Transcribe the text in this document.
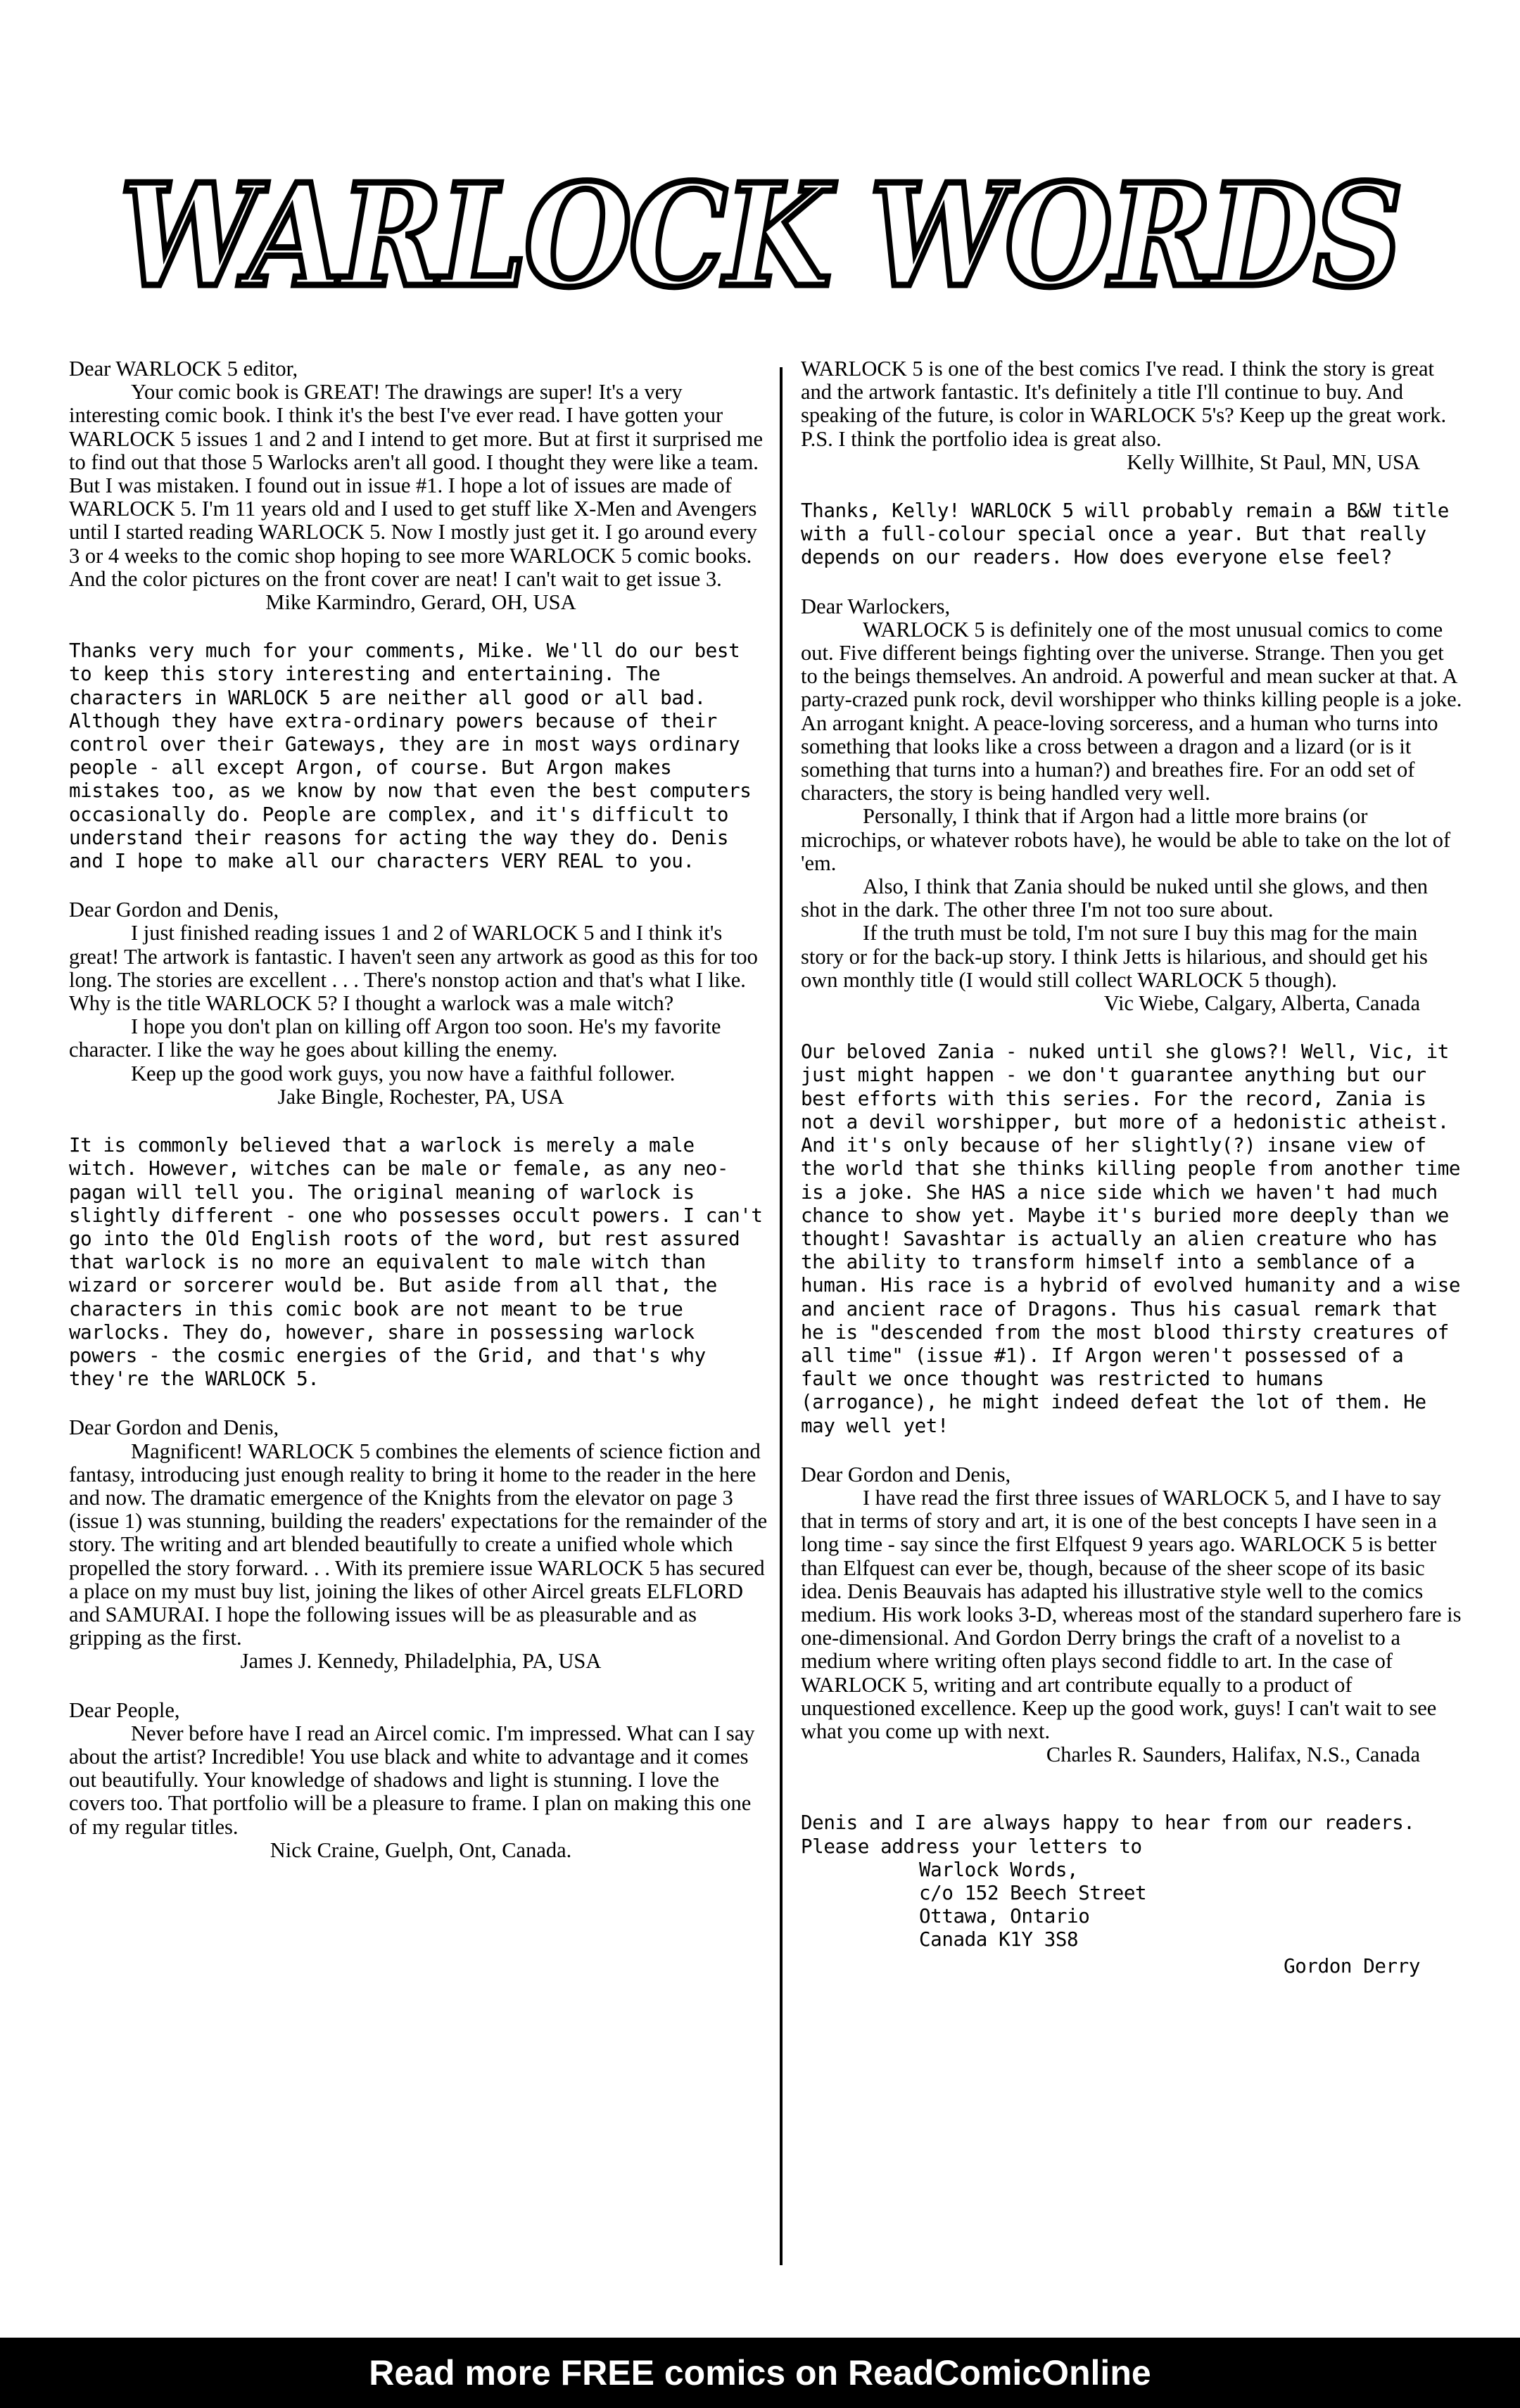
WARLOCK WORDS

Dear WARLOCK 5 editor,

Your comic book is GREAT! The drawings are super! It's a very interesting comic book. I think it's the best I've ever read. I have gotten your WARLOCK 5 issues 1 and 2 and I intend to get more. But at first it surprised me to find out that those 5 Warlocks aren't all good. I thought they were like a team. But I was mistaken. I found out in issue #1. I hope a lot of issues are made of WARLOCK 5. I'm 11 years old and I used to get stuff like X-Men and Avengers until I started reading WARLOCK 5. Now I mostly just get it. I go around every 3 or 4 weeks to the comic shop hoping to see more WARLOCK 5 comic books. And the color pictures on the front cover are neat! I can't wait to get issue 3.

Mike Karmindro, Gerard, OH, USA

Thanks very much for your comments, Mike. We'll do our best to keep this story interesting and entertaining. The characters in WARLOCK 5 are neither all good or all bad. Although they have extra-ordinary powers because of their control over their Gateways, they are in most ways ordinary people - all except Argon, of course. But Argon makes mistakes too, as we know by now that even the best computers occasionally do. People are complex, and it's difficult to understand their reasons for acting the way they do. Denis and I hope to make all our characters VERY REAL to you.

Dear Gordon and Denis,

I just finished reading issues 1 and 2 of WARLOCK 5 and I think it's great! The artwork is fantastic. I haven't seen any artwork as good as this for too long. The stories are excellent . . . There's nonstop action and that's what I like. Why is the title WARLOCK 5? I thought a warlock was a male witch?

I hope you don't plan on killing off Argon too soon. He's my favorite character. I like the way he goes about killing the enemy.

Keep up the good work guys, you now have a faithful follower.

Jake Bingle, Rochester, PA, USA

It is commonly believed that a warlock is merely a male witch. However, witches can be male or female, as any neo-pagan will tell you. The original meaning of warlock is slightly different - one who possesses occult powers. I can't go into the Old English roots of the word, but rest assured that warlock is no more an equivalent to male witch than wizard or sorcerer would be. But aside from all that, the characters in this comic book are not meant to be true warlocks. They do, however, share in possessing warlock powers - the cosmic energies of the Grid, and that's why they're the WARLOCK 5.

Dear Gordon and Denis,

Magnificent! WARLOCK 5 combines the elements of science fiction and fantasy, introducing just enough reality to bring it home to the reader in the here and now. The dramatic emergence of the Knights from the elevator on page 3 (issue 1) was stunning, building the readers' expectations for the remainder of the story. The writing and art blended beautifully to create a unified whole which propelled the story forward. . . With its premiere issue WARLOCK 5 has secured a place on my must buy list, joining the likes of other Aircel greats ELFLORD and SAMURAI. I hope the following issues will be as pleasurable and as gripping as the first.

James J. Kennedy, Philadelphia, PA, USA

Dear People,

Never before have I read an Aircel comic. I'm impressed. What can I say about the artist? Incredible! You use black and white to advantage and it comes out beautifully. Your knowledge of shadows and light is stunning. I love the covers too. That portfolio will be a pleasure to frame. I plan on making this one of my regular titles.

Nick Craine, Guelph, Ont, Canada.

WARLOCK 5 is one of the best comics I've read. I think the story is great and the artwork fantastic. It's definitely a title I'll continue to buy. And speaking of the future, is color in WARLOCK 5's? Keep up the great work. P.S. I think the portfolio idea is great also.

Kelly Willhite, St Paul, MN, USA

Thanks, Kelly! WARLOCK 5 will probably remain a B&W title with a full-colour special once a year. But that really depends on our readers. How does everyone else feel?

Dear Warlockers,

WARLOCK 5 is definitely one of the most unusual comics to come out. Five different beings fighting over the universe. Strange. Then you get to the beings themselves. An android. A powerful and mean sucker at that. A party-crazed punk rock, devil worshipper who thinks killing people is a joke. An arrogant knight. A peace-loving sorceress, and a human who turns into something that looks like a cross between a dragon and a lizard (or is it something that turns into a human?) and breathes fire. For an odd set of characters, the story is being handled very well.

Personally, I think that if Argon had a little more brains (or microchips, or whatever robots have), he would be able to take on the lot of 'em.

Also, I think that Zania should be nuked until she glows, and then shot in the dark. The other three I'm not too sure about.

If the truth must be told, I'm not sure I buy this mag for the main story or for the back-up story. I think Jetts is hilarious, and should get his own monthly title (I would still collect WARLOCK 5 though).

Vic Wiebe, Calgary, Alberta, Canada

Our beloved Zania - nuked until she glows?! Well, Vic, it just might happen - we don't guarantee anything but our best efforts with this series. For the record, Zania is not a devil worshipper, but more of a hedonistic atheist. And it's only because of her slightly(?) insane view of the world that she thinks killing people from another time is a joke. She HAS a nice side which we haven't had much chance to show yet. Maybe it's buried more deeply than we thought! Savashtar is actually an alien creature who has the ability to transform himself into a semblance of a human. His race is a hybrid of evolved humanity and a wise and ancient race of Dragons. Thus his casual remark that he is "descended from the most blood thirsty creatures of all time" (issue #1). If Argon weren't possessed of a fault we once thought was restricted to humans (arrogance), he might indeed defeat the lot of them. He may well yet!

Dear Gordon and Denis,

I have read the first three issues of WARLOCK 5, and I have to say that in terms of story and art, it is one of the best concepts I have seen in a long time - say since the first Elfquest 9 years ago. WARLOCK 5 is better than Elfquest can ever be, though, because of the sheer scope of its basic idea. Denis Beauvais has adapted his illustrative style well to the comics medium. His work looks 3-D, whereas most of the standard superhero fare is one-dimensional. And Gordon Derry brings the craft of a novelist to a medium where writing often plays second fiddle to art. In the case of WARLOCK 5, writing and art contribute equally to a product of unquestioned excellence. Keep up the good work, guys! I can't wait to see what you come up with next.

Charles R. Saunders, Halifax, N.S., Canada

Denis and I are always happy to hear from our readers. Please address your letters to

Warlock Words,

c/o 152 Beech Street

Ottawa, Ontario

Canada K1Y 3S8

Gordon Derry

Read more FREE comics on ReadComicOnline
